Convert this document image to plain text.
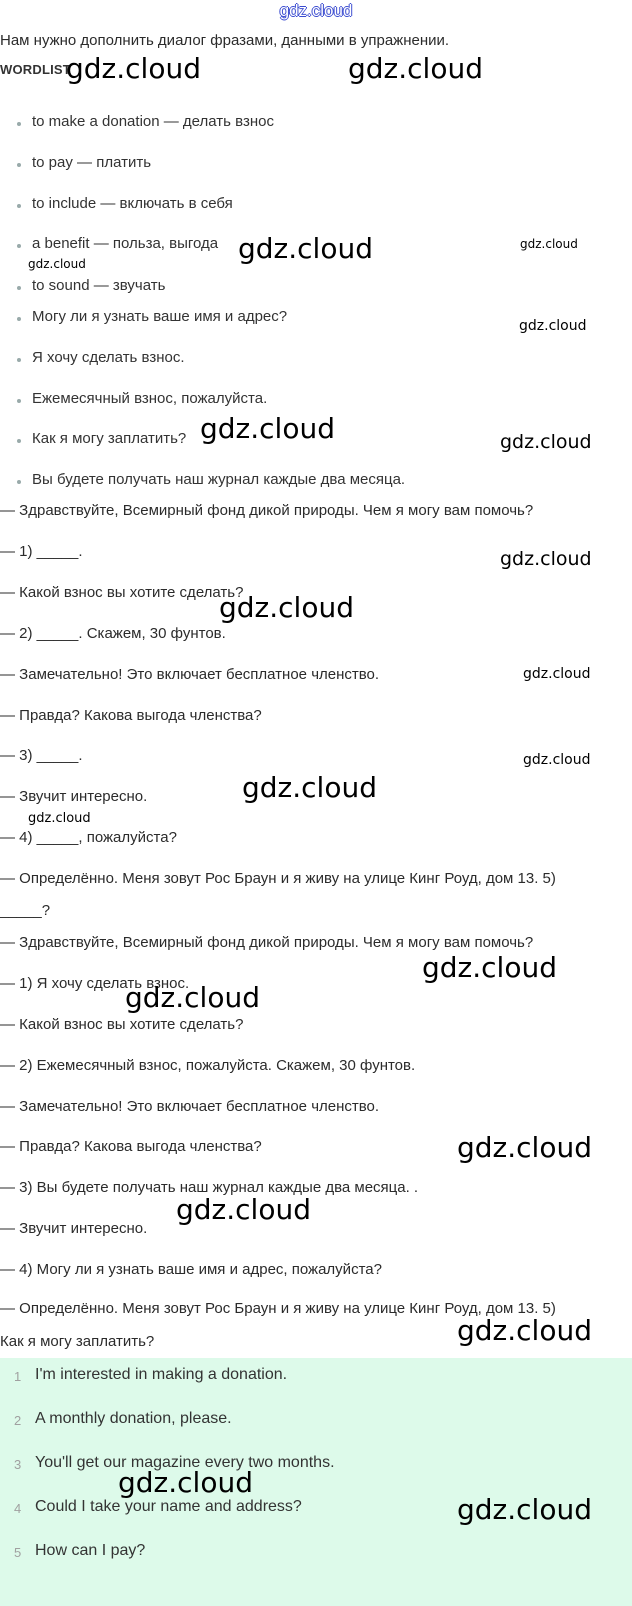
gdz.cloud
Нам нужно дополнить диалог фразами, данными в упражнении.
WORDLIST
to make a donation — делать взнос
to pay — платить
to include — включать в себя
a benefit — польза, выгода
to sound — звучать
Могу ли я узнать ваше имя и адрес?
Я хочу сделать взнос.
Ежемесячный взнос, пожалуйста.
Как я могу заплатить?
Вы будете получать наш журнал каждые два месяца.
— Здравствуйте, Всемирный фонд дикой природы. Чем я могу вам помочь?
— 1) _____.
— Какой взнос вы хотите сделать?
— 2) _____. Скажем, 30 фунтов.
— Замечательно! Это включает бесплатное членство.
— Правда? Какова выгода членства?
— 3) _____.
— Звучит интересно.
— 4) _____, пожалуйста?
— Определённо. Меня зовут Рос Браун и я живу на улице Кинг Роуд, дом 13. 5)
_____?
— Здравствуйте, Всемирный фонд дикой природы. Чем я могу вам помочь?
— 1) Я хочу сделать взнос.
— Какой взнос вы хотите сделать?
— 2) Ежемесячный взнос, пожалуйста. Скажем, 30 фунтов.
— Замечательно! Это включает бесплатное членство.
— Правда? Какова выгода членства?
— 3) Вы будете получать наш журнал каждые два месяца. .
— Звучит интересно.
— 4) Могу ли я узнать ваше имя и адрес, пожалуйста?
— Определённо. Меня зовут Рос Браун и я живу на улице Кинг Роуд, дом 13. 5)
Как я могу заплатить?
1 I'm interested in making a donation.
2 A monthly donation, please.
3 You'll get our magazine every two months.
4 Could I take your name and address?
5 How can I pay?
gdz.cloud	gdz.cloud
gdz.cloud	gdz.cloud
gdz.cloud
gdz.cloud
gdz.cloud	gdz.cloud
gdz.cloud
gdz.cloud
gdz.cloud
gdz.cloud
gdz.cloud
gdz.cloud
gdz.cloud
gdz.cloud
gdz.cloud
gdz.cloud
gdz.cloud
gdz.cloud
gdz.cloud
